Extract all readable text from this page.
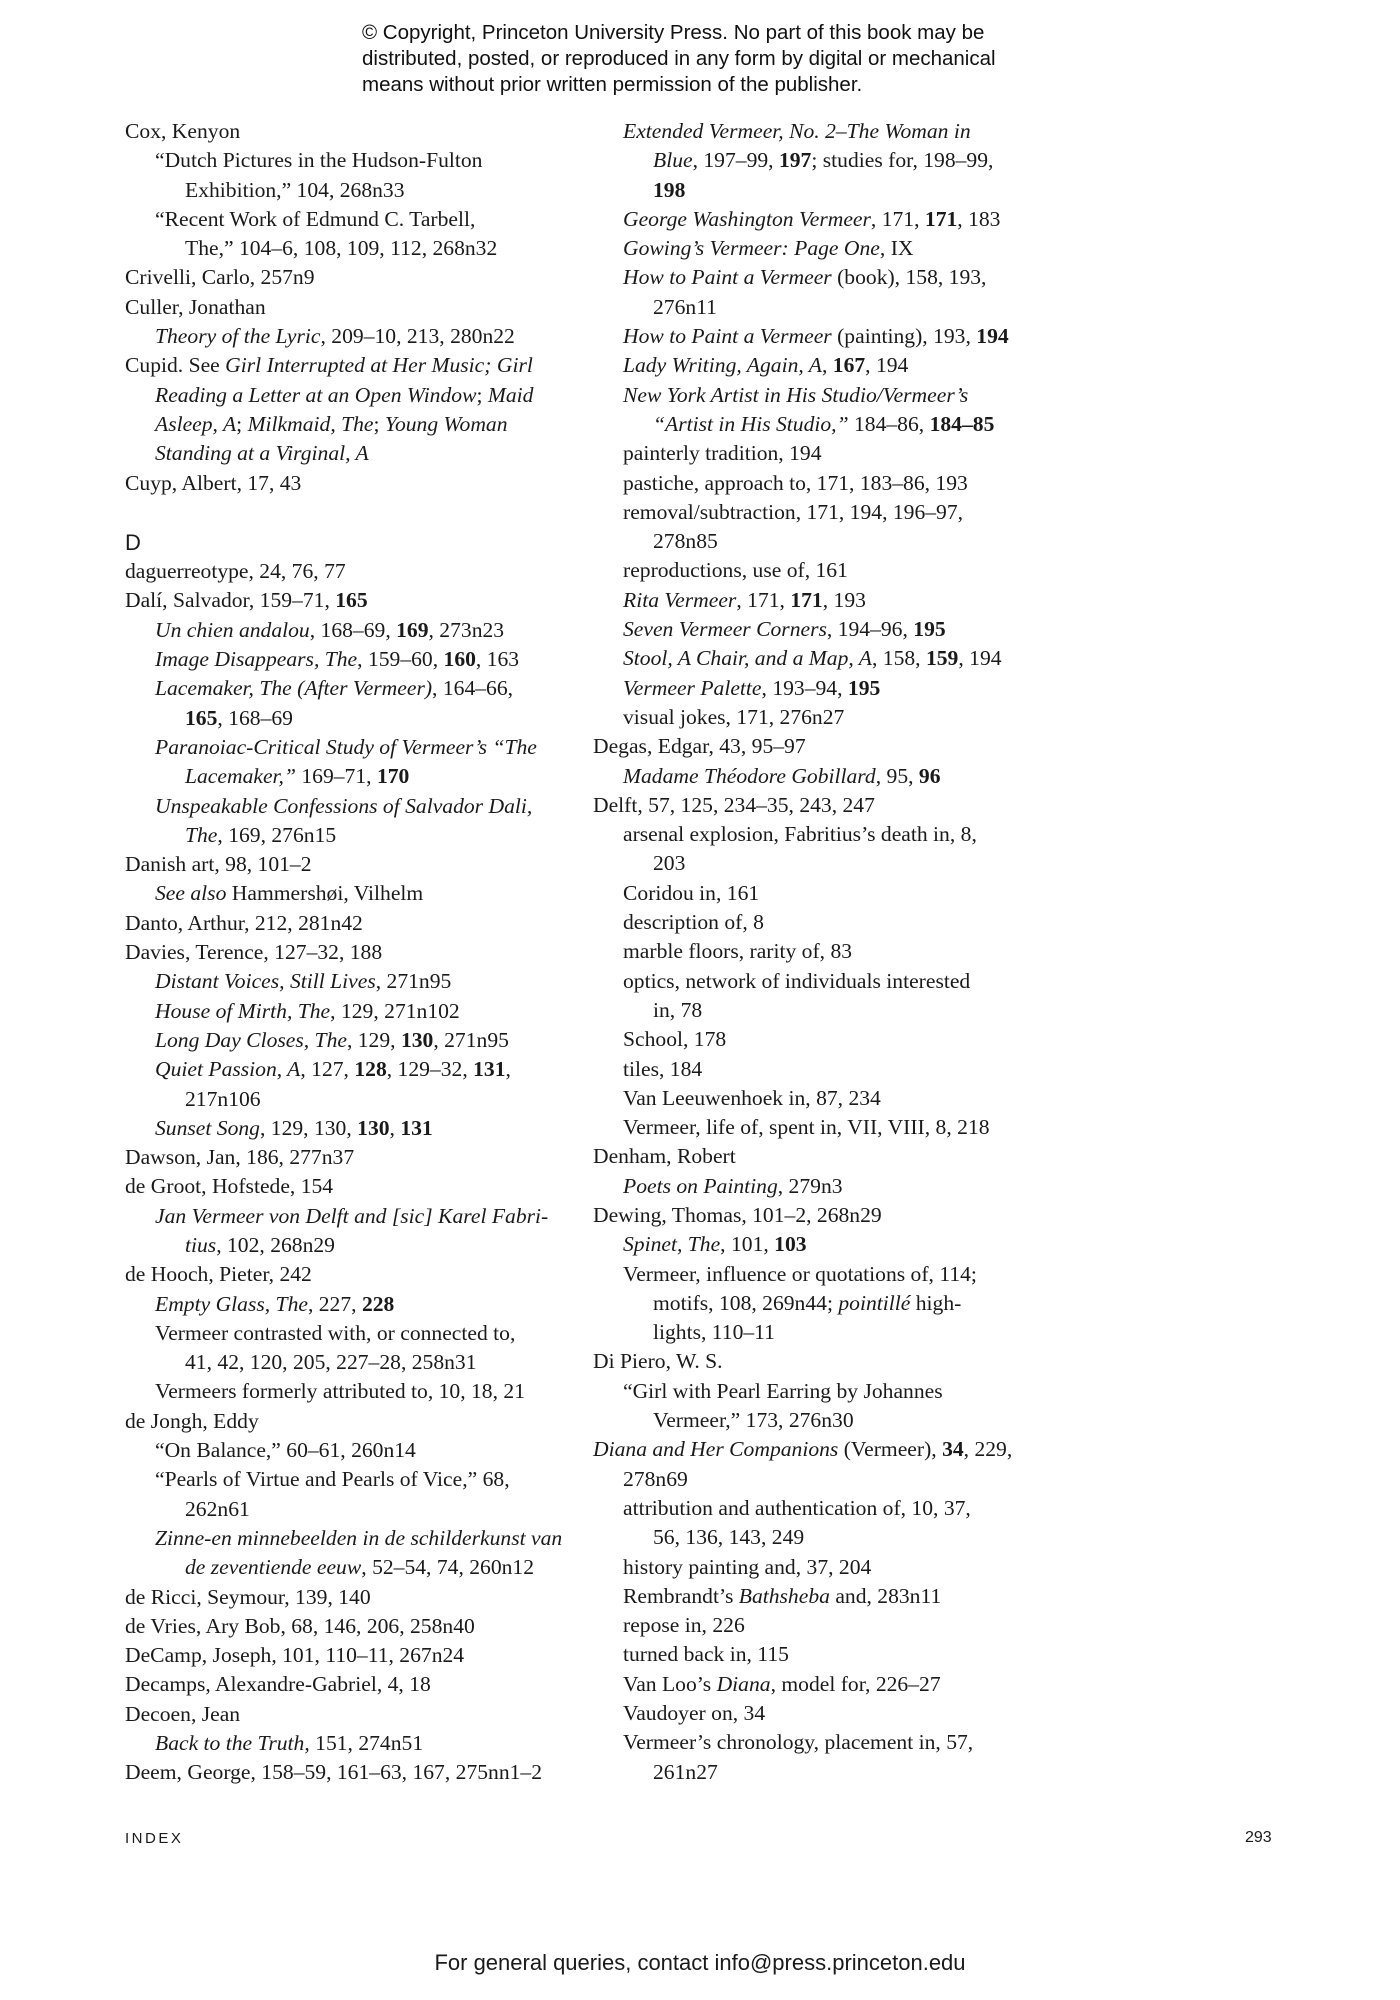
© Copyright, Princeton University Press. No part of this book may be
distributed, posted, or reproduced in any form by digital or mechanical
means without prior written permission of the publisher.
Cox, Kenyon
“Dutch Pictures in the Hudson-Fulton
Exhibition,” 104, 268n33
“Recent Work of Edmund C. Tarbell,
The,” 104–6, 108, 109, 112, 268n32
Crivelli, Carlo, 257n9
Culler, Jonathan
Theory of the Lyric, 209–10, 213, 280n22
Cupid. See Girl Interrupted at Her Music; Girl
Reading a Letter at an Open Window; Maid
Asleep, A; Milkmaid, The; Young Woman
Standing at a Virginal, A
Cuyp, Albert, 17, 43
D
daguerreotype, 24, 76, 77
Dalí, Salvador, 159–71, 165
Un chien andalou, 168–69, 169, 273n23
Image Disappears, The, 159–60, 160, 163
Lacemaker, The (After Vermeer), 164–66,
165, 168–69
Paranoiac-Critical Study of Vermeer’s “The
Lacemaker,” 169–71, 170
Unspeakable Confessions of Salvador Dali,
The, 169, 276n15
Danish art, 98, 101–2
See also Hammershøi, Vilhelm
Danto, Arthur, 212, 281n42
Davies, Terence, 127–32, 188
Distant Voices, Still Lives, 271n95
House of Mirth, The, 129, 271n102
Long Day Closes, The, 129, 130, 271n95
Quiet Passion, A, 127, 128, 129–32, 131,
217n106
Sunset Song, 129, 130, 130, 131
Dawson, Jan, 186, 277n37
de Groot, Hofstede, 154
Jan Vermeer von Delft and [sic] Karel Fabri-
tius, 102, 268n29
de Hooch, Pieter, 242
Empty Glass, The, 227, 228
Vermeer contrasted with, or connected to,
41, 42, 120, 205, 227–28, 258n31
Vermeers formerly attributed to, 10, 18, 21
de Jongh, Eddy
“On Balance,” 60–61, 260n14
“Pearls of Virtue and Pearls of Vice,” 68,
262n61
Zinne-en minnebeelden in de schilderkunst van
de zeventiende eeuw, 52–54, 74, 260n12
de Ricci, Seymour, 139, 140
de Vries, Ary Bob, 68, 146, 206, 258n40
DeCamp, Joseph, 101, 110–11, 267n24
Decamps, Alexandre-Gabriel, 4, 18
Decoen, Jean
Back to the Truth, 151, 274n51
Deem, George, 158–59, 161–63, 167, 275nn1–2
Extended Vermeer, No. 2–The Woman in
Blue, 197–99, 197; studies for, 198–99,
198
George Washington Vermeer, 171, 171, 183
Gowing’s Vermeer: Page One, IX
How to Paint a Vermeer (book), 158, 193,
276n11
How to Paint a Vermeer (painting), 193, 194
Lady Writing, Again, A, 167, 194
New York Artist in His Studio/Vermeer’s
“Artist in His Studio,” 184–86, 184–85
painterly tradition, 194
pastiche, approach to, 171, 183–86, 193
removal/subtraction, 171, 194, 196–97,
278n85
reproductions, use of, 161
Rita Vermeer, 171, 171, 193
Seven Vermeer Corners, 194–96, 195
Stool, A Chair, and a Map, A, 158, 159, 194
Vermeer Palette, 193–94, 195
visual jokes, 171, 276n27
Degas, Edgar, 43, 95–97
Madame Théodore Gobillard, 95, 96
Delft, 57, 125, 234–35, 243, 247
arsenal explosion, Fabritius’s death in, 8,
203
Coridou in, 161
description of, 8
marble floors, rarity of, 83
optics, network of individuals interested
in, 78
School, 178
tiles, 184
Van Leeuwenhoek in, 87, 234
Vermeer, life of, spent in, VII, VIII, 8, 218
Denham, Robert
Poets on Painting, 279n3
Dewing, Thomas, 101–2, 268n29
Spinet, The, 101, 103
Vermeer, influence or quotations of, 114;
motifs, 108, 269n44; pointillé high-
lights, 110–11
Di Piero, W. S.
“Girl with Pearl Earring by Johannes
Vermeer,” 173, 276n30
Diana and Her Companions (Vermeer), 34, 229,
278n69
attribution and authentication of, 10, 37,
56, 136, 143, 249
history painting and, 37, 204
Rembrandt’s Bathsheba and, 283n11
repose in, 226
turned back in, 115
Van Loo’s Diana, model for, 226–27
Vaudoyer on, 34
Vermeer’s chronology, placement in, 57,
261n27
INDEX	293
For general queries, contact info@press.princeton.edu
